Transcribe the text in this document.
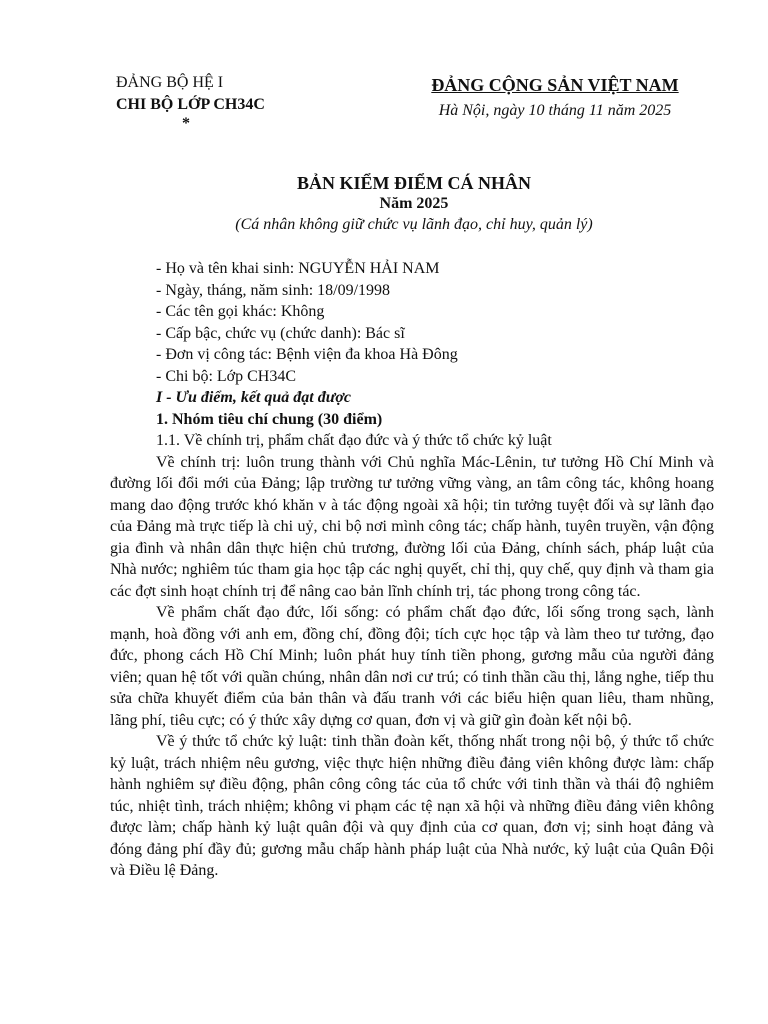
ĐẢNG BỘ HỆ I
CHI BỘ LỚP CH34C
*
ĐẢNG CỘNG SẢN VIỆT NAM
Hà Nội, ngày 10 tháng 11 năm 2025
BẢN KIỂM ĐIỂM CÁ NHÂN
Năm 2025
(Cá nhân không giữ chức vụ lãnh đạo, chỉ huy, quản lý)
- Họ và tên khai sinh: NGUYỄN HẢI NAM
- Ngày, tháng, năm sinh: 18/09/1998
- Các tên gọi khác: Không
- Cấp bậc, chức vụ (chức danh): Bác sĩ
- Đơn vị công tác: Bệnh viện đa khoa Hà Đông
- Chi bộ: Lớp CH34C
I - Ưu điểm, kết quả đạt được
1. Nhóm tiêu chí chung (30 điểm)
1.1. Về chính trị, phẩm chất đạo đức và ý thức tổ chức kỷ luật

Về chính trị: luôn trung thành với Chủ nghĩa Mác-Lênin, tư tưởng Hồ Chí Minh và đường lối đổi mới của Đảng; lập trường tư tưởng vững vàng, an tâm công tác, không hoang mang dao động trước khó khăn v à tác động ngoài xã hội; tin tưởng tuyệt đối và sự lãnh đạo của Đảng mà trực tiếp là chi uỷ, chi bộ nơi mình công tác; chấp hành, tuyên truyền, vận động gia đình và nhân dân thực hiện chủ trương, đường lối của Đảng, chính sách, pháp luật của Nhà nước; nghiêm túc tham gia học tập các nghị quyết, chỉ thị, quy chế, quy định và tham gia các đợt sinh hoạt chính trị để nâng cao bản lĩnh chính trị, tác phong trong công tác.

Về phẩm chất đạo đức, lối sống: có phẩm chất đạo đức, lối sống trong sạch, lành mạnh, hoà đồng với anh em, đồng chí, đồng đội; tích cực học tập và làm theo tư tưởng, đạo đức, phong cách Hồ Chí Minh; luôn phát huy tính tiền phong, gương mẫu của người đảng viên; quan hệ tốt với quần chúng, nhân dân nơi cư trú; có tinh thần cầu thị, lắng nghe, tiếp thu sửa chữa khuyết điểm của bản thân và đấu tranh với các biểu hiện quan liêu, tham nhũng, lãng phí, tiêu cực; có ý thức xây dựng cơ quan, đơn vị và giữ gìn đoàn kết nội bộ.

Về ý thức tổ chức kỷ luật: tinh thần đoàn kết, thống nhất trong nội bộ, ý thức tổ chức kỷ luật, trách nhiệm nêu gương, việc thực hiện những điều đảng viên không được làm: chấp hành nghiêm sự điều động, phân công công tác của tổ chức với tinh thần và thái độ nghiêm túc, nhiệt tình, trách nhiệm; không vi phạm các tệ nạn xã hội và những điều đảng viên không được làm; chấp hành kỷ luật quân đội và quy định của cơ quan, đơn vị; sinh hoạt đảng và đóng đảng phí đầy đủ; gương mẫu chấp hành pháp luật của Nhà nước, kỷ luật của Quân Đội và Điều lệ Đảng.
